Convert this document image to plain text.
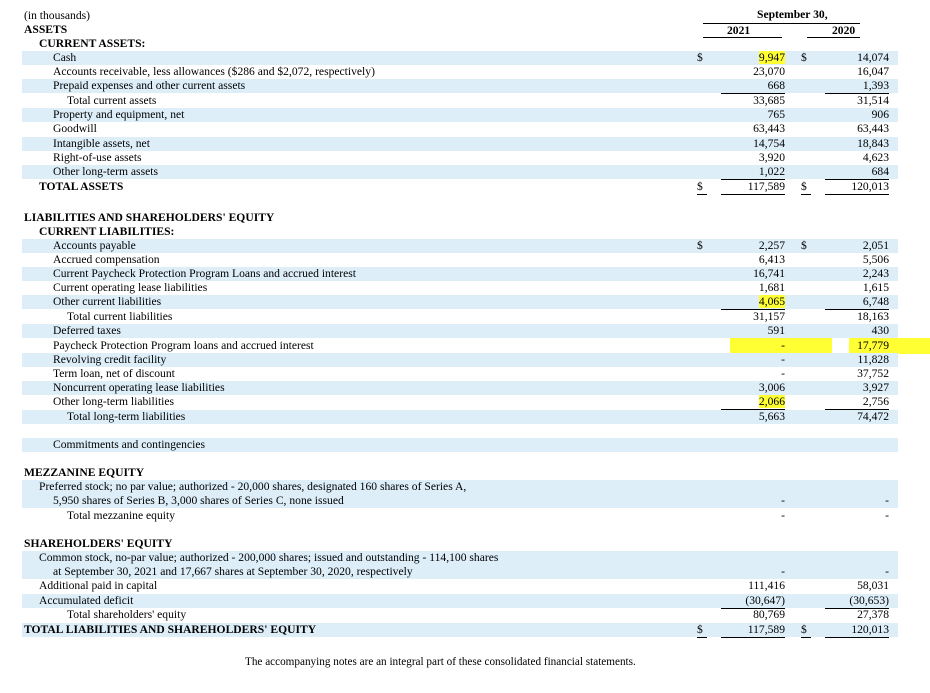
September 30,
2021	2020
(in thousands)
ASSETS
CURRENT ASSETS:
Cash	$	9,947 $	14,074
Accounts receivable, less allowances ($286 and $2,072, respectively)	23,070	16,047
Prepaid expenses and other current assets	668	1,393
Total current assets	33,685	31,514
Property and equipment, net	765	906
Goodwill	63,443	63,443
Intangible assets, net	14,754	18,843
Right-of-use assets	3,920	4,623
Other long-term assets	1,022	684
TOTAL ASSETS	$	117,589 $	120,013
LIABILITIES AND SHAREHOLDERS' EQUITY
CURRENT LIABILITIES:
Accounts payable	$	2,257 $	2,051
Accrued compensation	6,413	5,506
Current Paycheck Protection Program Loans and accrued interest	16,741	2,243
Current operating lease liabilities	1,681	1,615
Other current liabilities	4,065	6,748
Total current liabilities	31,157	18,163
Deferred taxes	591	430
Paycheck Protection Program loans and accrued interest	-	17,779
Revolving credit facility	-	11,828
Term loan, net of discount	-	37,752
Noncurrent operating lease liabilities	3,006	3,927
Other long-term liabilities	2,066	2,756
Total long-term liabilities	5,663	74,472
Commitments and contingencies
MEZZANINE EQUITY
Preferred stock; no par value; authorized - 20,000 shares, designated 160 shares of Series A,
5,950 shares of Series B, 3,000 shares of Series C, none issued	-	-
Total mezzanine equity	-	-
SHAREHOLDERS' EQUITY
Common stock, no-par value; authorized - 200,000 shares; issued and outstanding - 114,100 shares
at September 30, 2021 and 17,667 shares at September 30, 2020, respectively	-	-
Additional paid in capital	111,416	58,031
Accumulated deficit	(30,647)	(30,653)
Total shareholders' equity	80,769	27,378
TOTAL LIABILITIES AND SHAREHOLDERS' EQUITY	$	117,589 $	120,013
The accompanying notes are an integral part of these consolidated financial statements.
